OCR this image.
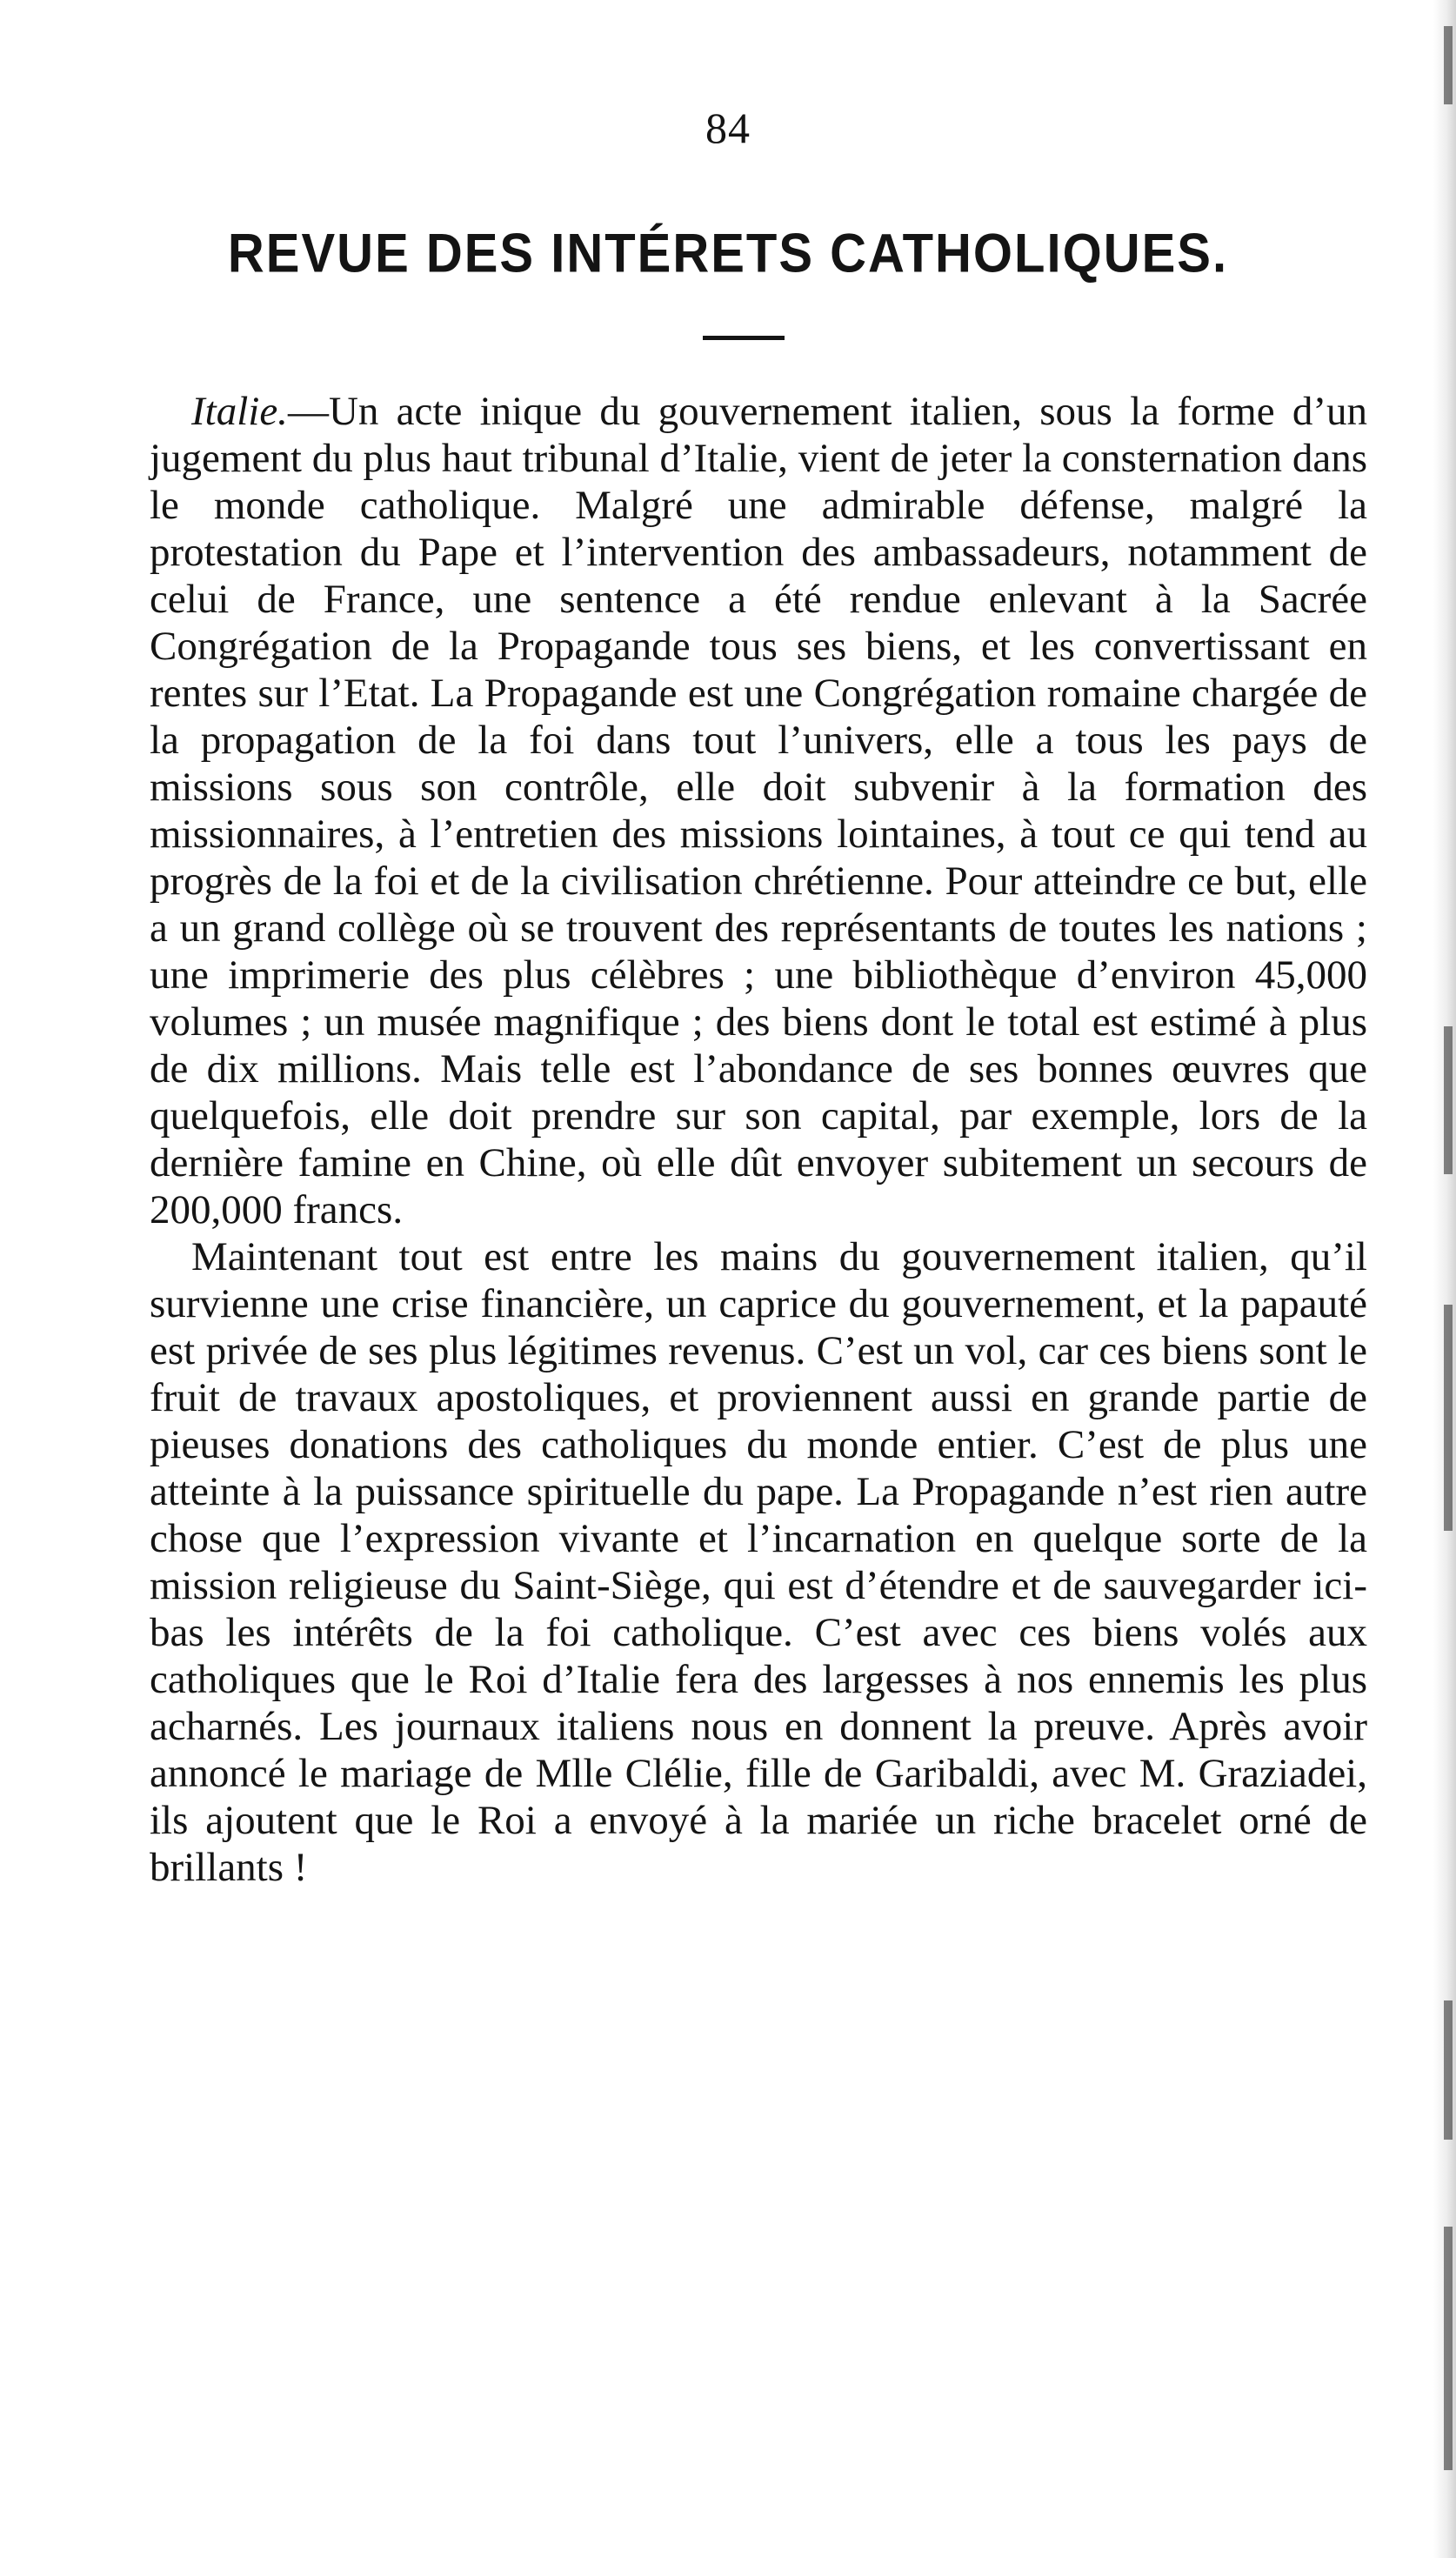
84
REVUE DES INTÉRETS CATHOLIQUES.

Italie.—Un acte inique du gouvernement italien, sous la forme d’un jugement du plus haut tribunal d’Italie, vient de jeter la consternation dans le monde catholique. Malgré une admirable défense, malgré la protestation du Pape et l’intervention des ambassadeurs, notamment de celui de France, une sentence a été rendue enlevant à la Sacrée Congrégation de la Propagande tous ses biens, et les convertissant en rentes sur l’Etat. La Propagande est une Congrégation romaine chargée de la propagation de la foi dans tout l’univers, elle a tous les pays de missions sous son contrôle, elle doit subvenir à la formation des missionnaires, à l’entretien des missions lointaines, à tout ce qui tend au progrès de la foi et de la civilisation chrétienne. Pour atteindre ce but, elle a un grand collège où se trouvent des représentants de toutes les nations ; une imprimerie des plus célèbres ; une bibliothèque d’environ 45,000 volumes ; un musée magnifique ; des biens dont le total est estimé à plus de dix millions. Mais telle est l’abondance de ses bonnes œuvres que quelquefois, elle doit prendre sur son capital, par exemple, lors de la dernière famine en Chine, où elle dût envoyer subitement un secours de 200,000 francs.

Maintenant tout est entre les mains du gouvernement italien, qu’il survienne une crise financière, un caprice du gouvernement, et la papauté est privée de ses plus légitimes revenus. C’est un vol, car ces biens sont le fruit de travaux apostoliques, et proviennent aussi en grande partie de pieuses donations des catholiques du monde entier. C’est de plus une atteinte à la puissance spirituelle du pape. La Propagande n’est rien autre chose que l’expression vivante et l’incarnation en quelque sorte de la mission religieuse du Saint-Siège, qui est d’étendre et de sauvegarder ici-bas les intérêts de la foi catholique. C’est avec ces biens volés aux catholiques que le Roi d’Italie fera des largesses à nos ennemis les plus acharnés. Les journaux italiens nous en donnent la preuve. Après avoir annoncé le mariage de Mlle Clélie, fille de Garibaldi, avec M. Graziadei, ils ajoutent que le Roi a envoyé à la mariée un riche bracelet orné de brillants !
